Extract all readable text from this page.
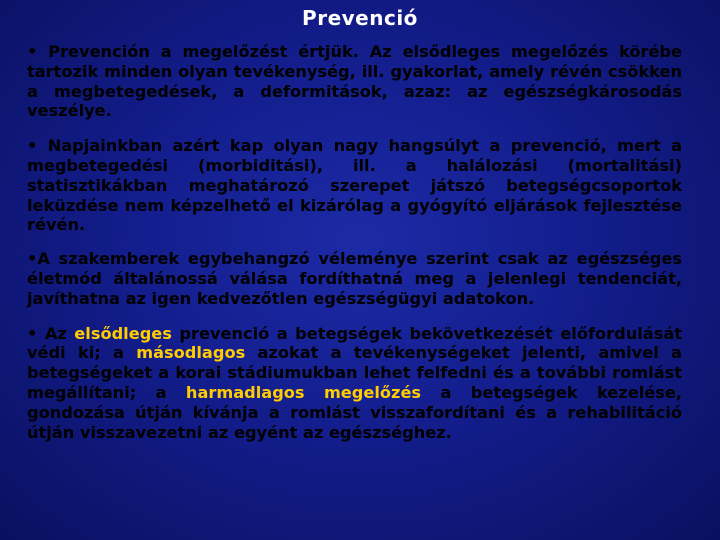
Prevenció

• Prevención a megelőzést értjük. Az elsődleges megelőzés körébe tartozik minden olyan tevékenység, ill. gyakorlat, amely révén csökken a megbetegedések, a deformitások, azaz: az egészségkárosodás veszélye.

• Napjainkban azért kap olyan nagy hangsúlyt a prevenció, mert a megbetegedési (morbiditási), ill. a halálozási (mortalitási) statisztikákban meghatározó szerepet játszó betegségcsoportok leküzdése nem képzelhető el kizárólag a gyógyító eljárások fejlesztése révén.

•A szakemberek egybehangzó véleménye szerint csak az egészséges életmód általánossá válása fordíthatná meg a jelenlegi tendenciát, javíthatna az igen kedvezőtlen egészségügyi adatokon.

• Az elsődleges prevenció a betegségek bekövetkezését előfordulását védi ki; a másodlagos azokat a tevékenységeket jelenti, amivel a betegségeket a korai stádiumukban lehet felfedni és a további romlást megállítani; a harmadlagos megelőzés a betegségek kezelése, gondozása útján kívánja a romlást visszafordítani és a rehabilitáció útján visszavezetni az egyént az egészséghez.
